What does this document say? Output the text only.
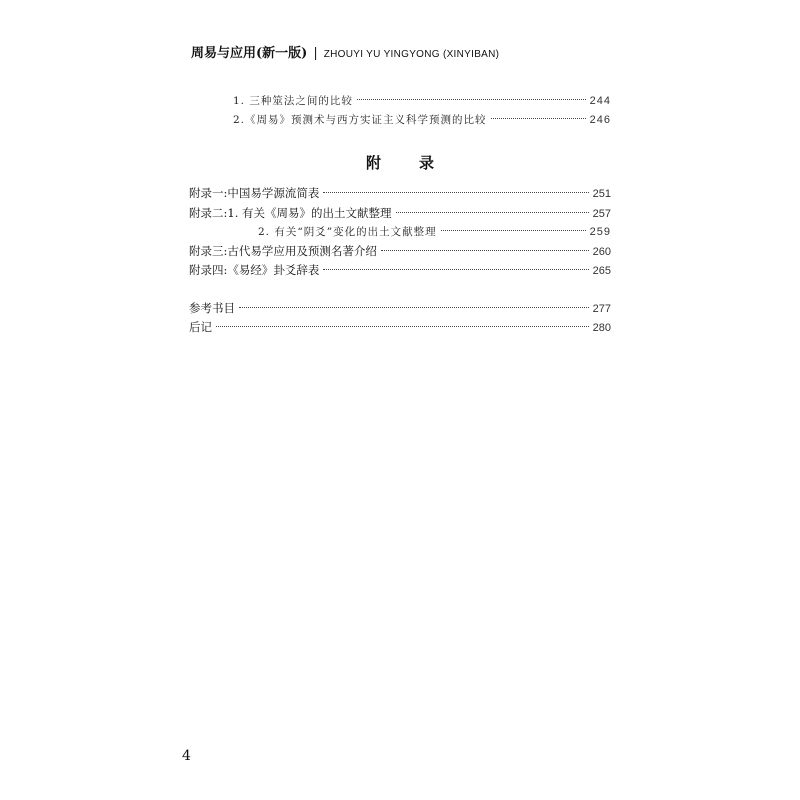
周易与应用(新一版) | ZHOUYI YU YINGYONG (XINYIBAN)
1. 三种筮法之间的比较	244
2.《周易》预测术与西方实证主义科学预测的比较	246
附	录
附录一:中国易学源流简表	251
附录二:1. 有关《周易》的出土文献整理	257
2. 有关“阴爻”变化的出土文献整理	259
附录三:古代易学应用及预测名著介绍	260
附录四:《易经》卦爻辞表	265
参考书目	277
后记	280
4
